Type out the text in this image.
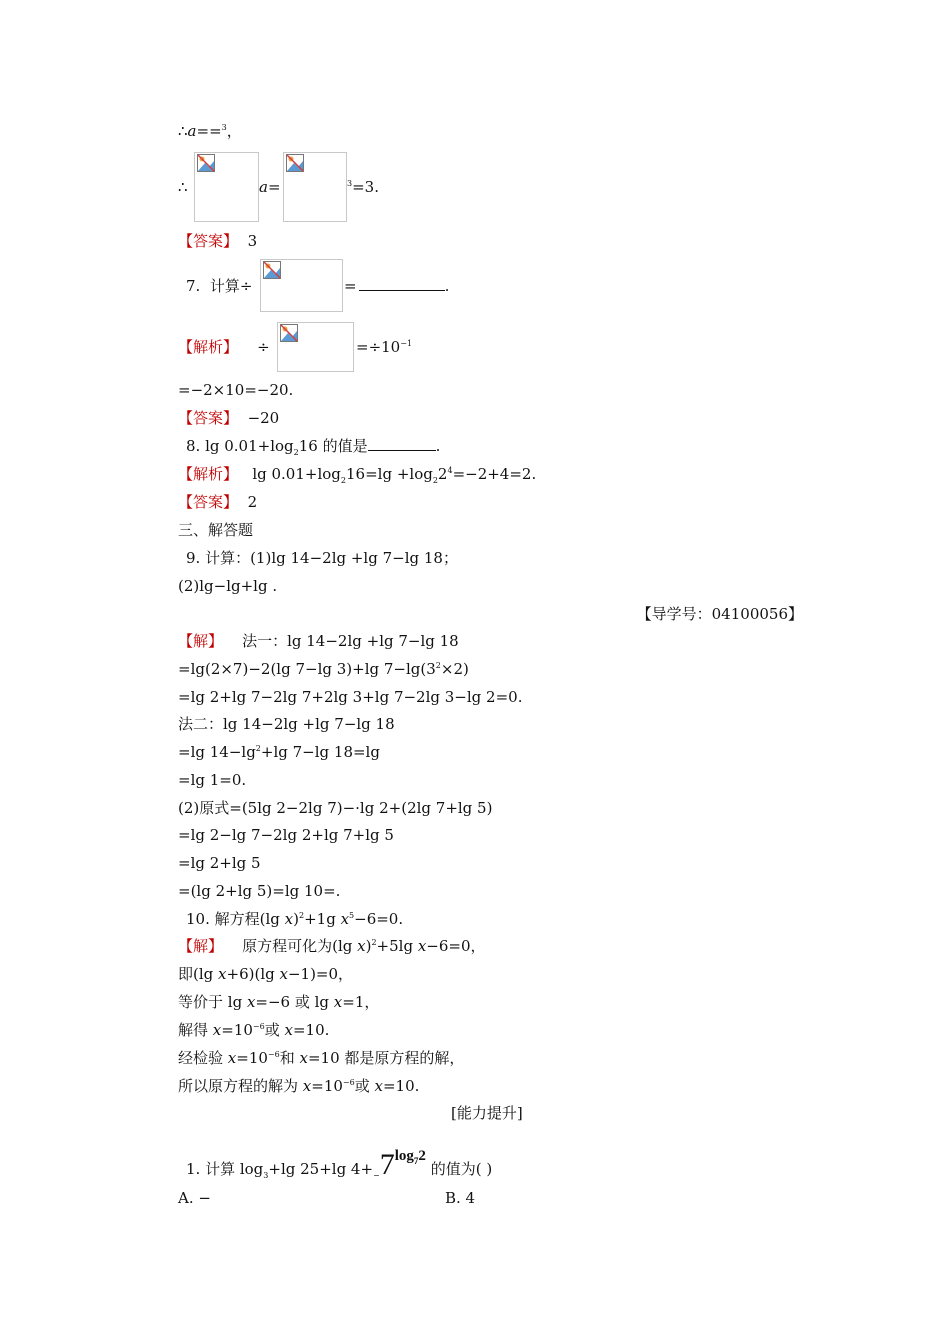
∴a==$^3$，
∴	a=	$^3$=3.
【答案】 3
7. 计算÷	=	.
【解析】 ÷	$=\div 10^{-1}$
=−2×10=−20.
【答案】 −20
8. $\lg 0.01+\log_216$ 的值是	.
【解析】 $\lg 0.01+\log_216=\lg +\log_22^4=-2+4=2$.
【答案】 2
三、解答题
9. 计算：(1)lg 14−2lg +lg 7−lg 18；
(2)lg−lg+lg .
【导学号：04100056】
【解】 法一：lg 14−2lg +lg 7−lg 18
=lg(2×7)−2(lg 7−lg 3)+lg $7-\lg(3^2\times 2)$
=lg 2+lg 7−2lg 7+2lg 3+lg 7−2lg 3−lg 2=0.
法二：lg 14−2lg +lg 7−lg 18
=lg $14-\lg^2+\lg$ 7−lg 18=lg
=lg 1=0.
(2)原式=(5lg 2−2lg 7)−·lg 2+(2lg 7+lg 5)
=lg 2−lg 7−2lg 2+lg 7+lg 5
=lg 2+lg 5
=(lg 2+lg 5)=lg 10=.
10. 解方程(lg x)$^2$+1g $x^5-6=0$.
【解】 原方程可化为(lg x)$^2$+5lg x−6=0，
即(lg x+6)(lg x−1)=0，
等价于 lg x=−6 或 lg x=1，
解得 $x=10^{-6}$或 x=10.
经检验 $x=10^{-6}$和 x=10 都是原方程的解，
所以原方程的解为 $x=10^{-6}$或 x=10.
[能力提升]
1. 计算 $\log_3+\lg$ 25+lg $4+_-7\log_72$ 的值为( )
A. −	B. 4
